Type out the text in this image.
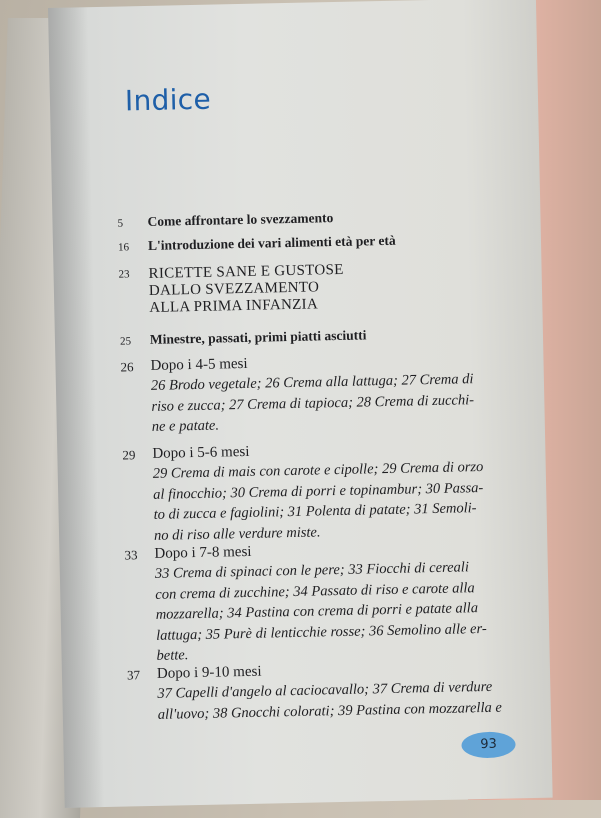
Indice
5 Come affrontare lo svezzamento
16 L'introduzione dei vari alimenti età per età
23 RICETTE SANE E GUSTOSE
DALLO SVEZZAMENTO
ALLA PRIMA INFANZIA
25 Minestre, passati, primi piatti asciutti
26 Dopo i 4-5 mesi
26 Brodo vegetale; 26 Crema alla lattuga; 27 Crema di
riso e zucca; 27 Crema di tapioca; 28 Crema di zucchi-
ne e patate.
29 Dopo i 5-6 mesi
29 Crema di mais con carote e cipolle; 29 Crema di orzo
al finocchio; 30 Crema di porri e topinambur; 30 Passa-
to di zucca e fagiolini; 31 Polenta di patate; 31 Semoli-
no di riso alle verdure miste.
33 Dopo i 7-8 mesi
33 Crema di spinaci con le pere; 33 Fiocchi di cereali
con crema di zucchine; 34 Passato di riso e carote alla
mozzarella; 34 Pastina con crema di porri e patate alla
lattuga; 35 Purè di lenticchie rosse; 36 Semolino alle er-
bette.
37 Dopo i 9-10 mesi
37 Capelli d'angelo al caciocavallo; 37 Crema di verdure
all'uovo; 38 Gnocchi colorati; 39 Pastina con mozzarella e
93
